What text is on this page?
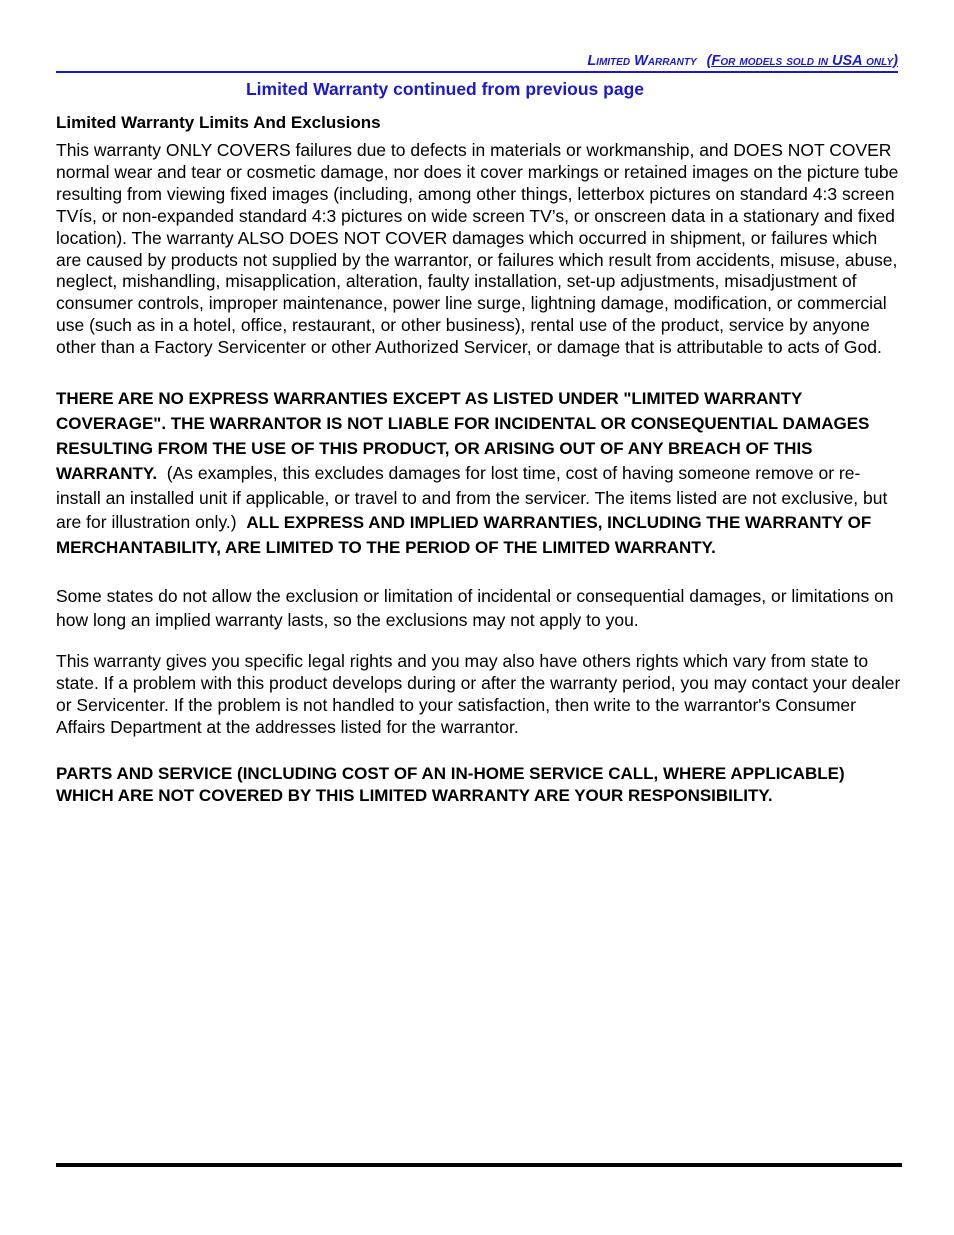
Limited Warranty (For models sold in USA only)
Limited Warranty continued from previous page
Limited Warranty Limits And Exclusions

This warranty ONLY COVERS failures due to defects in materials or workmanship, and DOES NOT COVER normal wear and tear or cosmetic damage, nor does it cover markings or retained images on the picture tube resulting from viewing fixed images (including, among other things, letterbox pictures on standard 4:3 screen TVís, or non-expanded standard 4:3 pictures on wide screen TV’s, or onscreen data in a stationary and fixed location). The warranty ALSO DOES NOT COVER damages which occurred in shipment, or failures which are caused by products not supplied by the warrantor, or failures which result from accidents, misuse, abuse, neglect, mishandling, misapplication, alteration, faulty installation, set-up adjustments, misadjustment of consumer controls, improper maintenance, power line surge, lightning damage, modification, or commercial use (such as in a hotel, office, restaurant, or other business), rental use of the product, service by anyone other than a Factory Servicenter or other Authorized Servicer, or damage that is attributable to acts of God.

THERE ARE NO EXPRESS WARRANTIES EXCEPT AS LISTED UNDER "LIMITED WARRANTY COVERAGE". THE WARRANTOR IS NOT LIABLE FOR INCIDENTAL OR CONSEQUENTIAL DAMAGES RESULTING FROM THE USE OF THIS PRODUCT, OR ARISING OUT OF ANY BREACH OF THIS WARRANTY. (As examples, this excludes damages for lost time, cost of having someone remove or re-install an installed unit if applicable, or travel to and from the servicer. The items listed are not exclusive, but are for illustration only.) ALL EXPRESS AND IMPLIED WARRANTIES, INCLUDING THE WARRANTY OF MERCHANTABILITY, ARE LIMITED TO THE PERIOD OF THE LIMITED WARRANTY.

Some states do not allow the exclusion or limitation of incidental or consequential damages, or limitations on how long an implied warranty lasts, so the exclusions may not apply to you.

This warranty gives you specific legal rights and you may also have others rights which vary from state to state. If a problem with this product develops during or after the warranty period, you may contact your dealer or Servicenter. If the problem is not handled to your satisfaction, then write to the warrantor's Consumer Affairs Department at the addresses listed for the warrantor.

PARTS AND SERVICE (INCLUDING COST OF AN IN-HOME SERVICE CALL, WHERE APPLICABLE) WHICH ARE NOT COVERED BY THIS LIMITED WARRANTY ARE YOUR RESPONSIBILITY.
